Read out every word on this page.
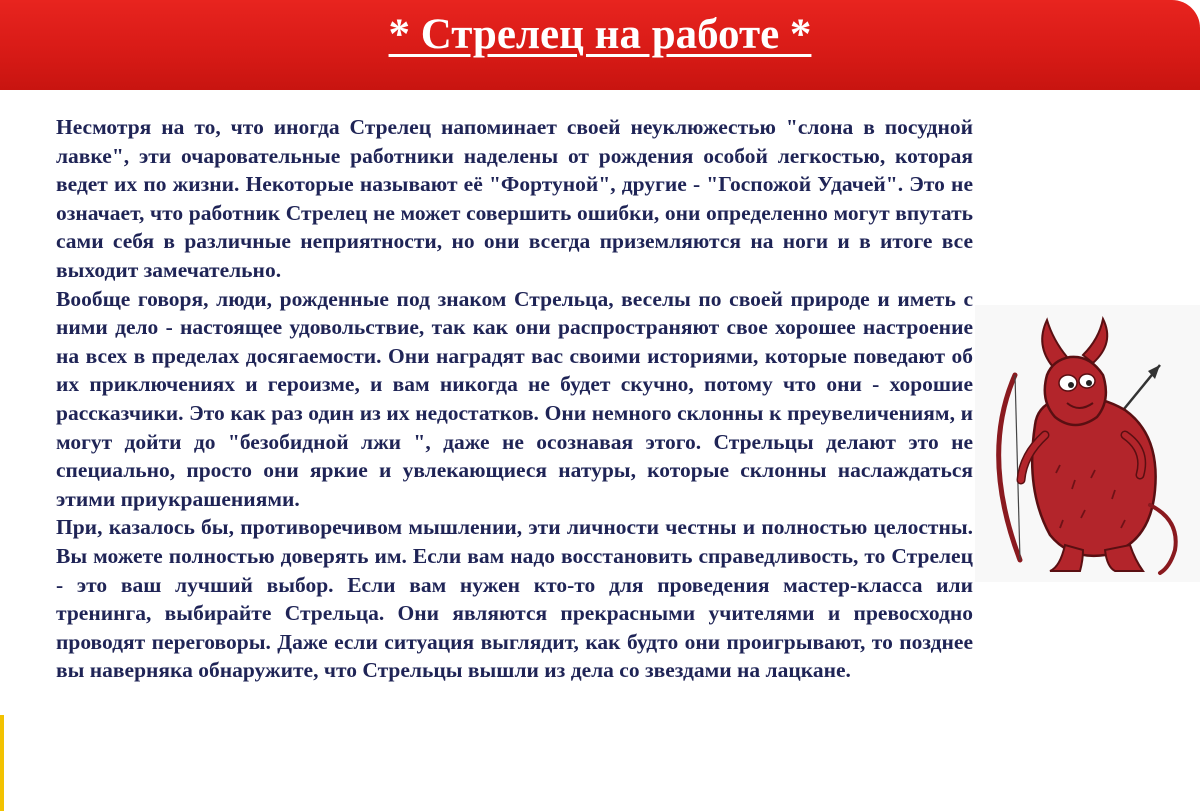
* Стрелец на работе *

Несмотря на то, что иногда Стрелец напоминает своей неуклюжестью "слона в посудной лавке", эти очаровательные работники наделены от рождения особой легкостью, которая ведет их по жизни. Некоторые называют её "Фортуной", другие - "Госпожой Удачей". Это не означает, что работник Стрелец не может совершить ошибки, они определенно могут впутать сами себя в различные неприятности, но они всегда приземляются на ноги и в итоге все выходит замечательно.

Вообще говоря, люди, рожденные под знаком Стрельца, веселы по своей природе и иметь с ними дело - настоящее удовольствие, так как они распространяют свое хорошее настроение на всех в пределах досягаемости. Они наградят вас своими историями, которые поведают об их приключениях и героизме, и вам никогда не будет скучно, потому что они - хорошие рассказчики. Это как раз один из их недостатков. Они немного склонны к преувеличениям, и могут дойти до "безобидной лжи ", даже не осознавая этого. Стрельцы делают это не специально, просто они яркие и увлекающиеся натуры, которые склонны наслаждаться этими приукрашениями.

При, казалось бы, противоречивом мышлении, эти личности честны и полностью целостны. Вы можете полностью доверять им. Если вам надо восстановить справедливость, то Стрелец - это ваш лучший выбор. Если вам нужен кто-то для проведения мастер-класса или тренинга, выбирайте Стрельца. Они являются прекрасными учителями и превосходно проводят переговоры. Даже если ситуация выглядит, как будто они проигрывают, то позднее вы наверняка обнаружите, что Стрельцы вышли из дела со звездами на лацкане.
